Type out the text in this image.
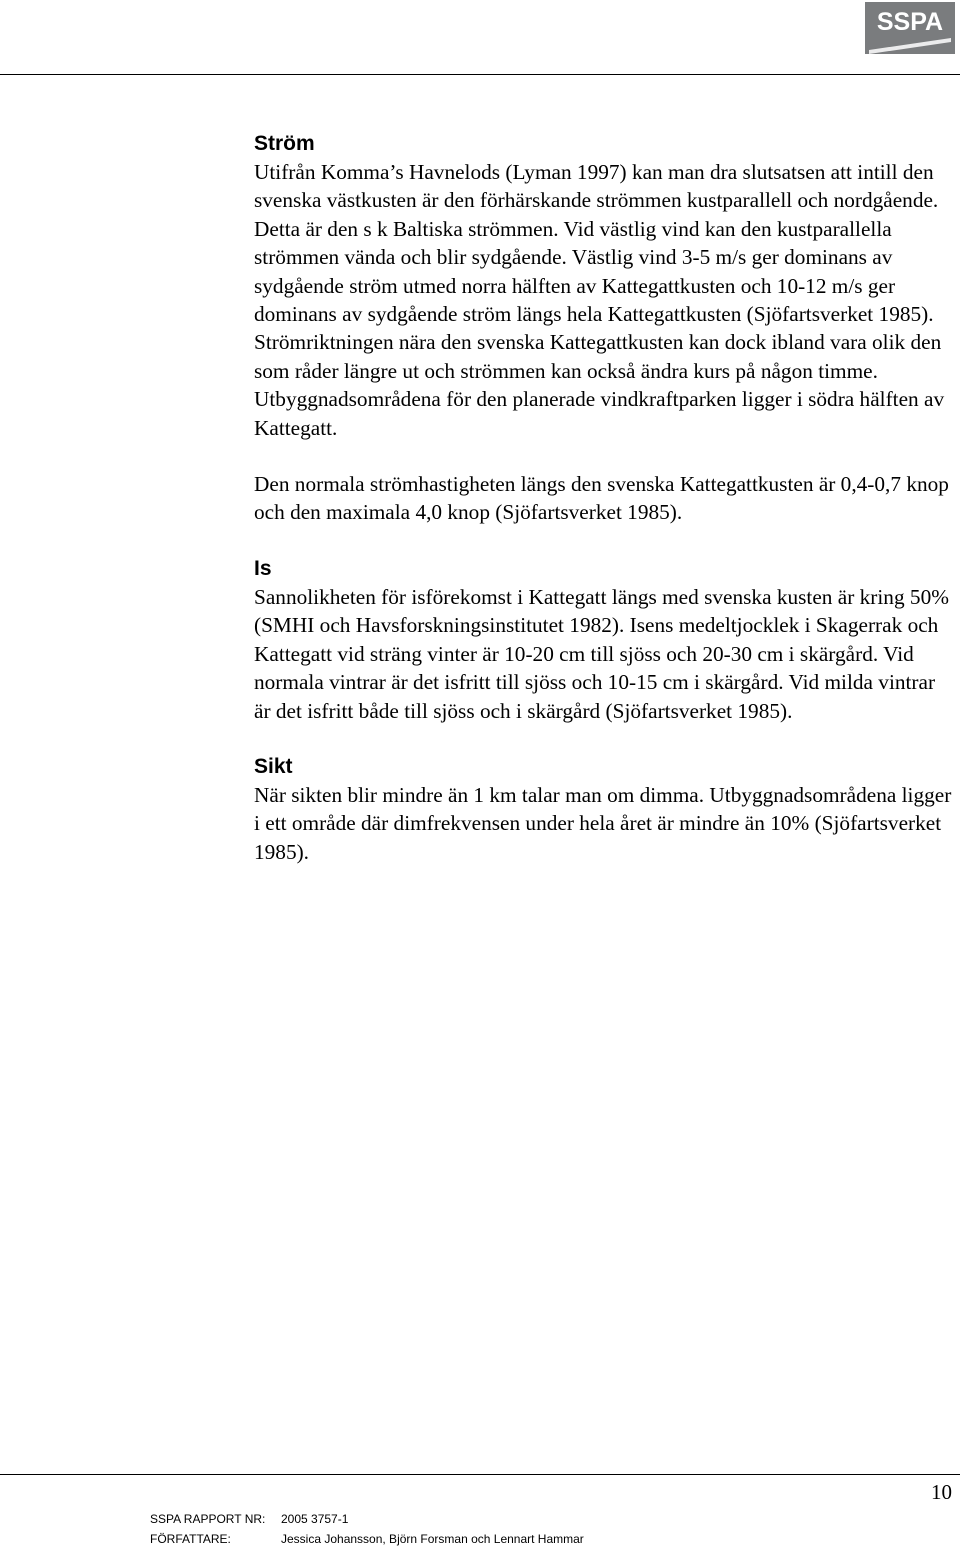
SSPA
Ström

Utifrån Komma’s Havnelods (Lyman 1997) kan man dra slutsatsen att intill den svenska västkusten är den förhärskande strömmen kustparallell och nordgående. Detta är den s k Baltiska strömmen. Vid västlig vind kan den kustparallella strömmen vända och blir sydgående. Västlig vind 3-5 m/s ger dominans av sydgående ström utmed norra hälften av Kattegattkusten och 10-12 m/s ger dominans av sydgående ström längs hela Kattegattkusten (Sjöfartsverket 1985). Strömriktningen nära den svenska Kattegattkusten kan dock ibland vara olik den som råder längre ut och strömmen kan också ändra kurs på någon timme. Utbyggnadsområdena för den planerade vindkraftparken ligger i södra hälften av Kattegatt.

Den normala strömhastigheten längs den svenska Kattegattkusten är 0,4-0,7 knop och den maximala 4,0 knop (Sjöfartsverket 1985).

Is

Sannolikheten för isförekomst i Kattegatt längs med svenska kusten är kring 50% (SMHI och Havsforskningsinstitutet 1982). Isens medeltjocklek i Skagerrak och Kattegatt vid sträng vinter är 10-20 cm till sjöss och 20-30 cm i skärgård. Vid normala vintrar är det isfritt till sjöss och 10-15 cm i skärgård. Vid milda vintrar är det isfritt både till sjöss och i skärgård (Sjöfartsverket 1985).

Sikt

När sikten blir mindre än 1 km talar man om dimma. Utbyggnadsområdena ligger i ett område där dimfrekvensen under hela året är mindre än 10% (Sjöfartsverket 1985).

10
SSPA RAPPORT NR: 2005 3757-1
FÖRFATTARE:	Jessica Johansson, Björn Forsman och Lennart Hammar
